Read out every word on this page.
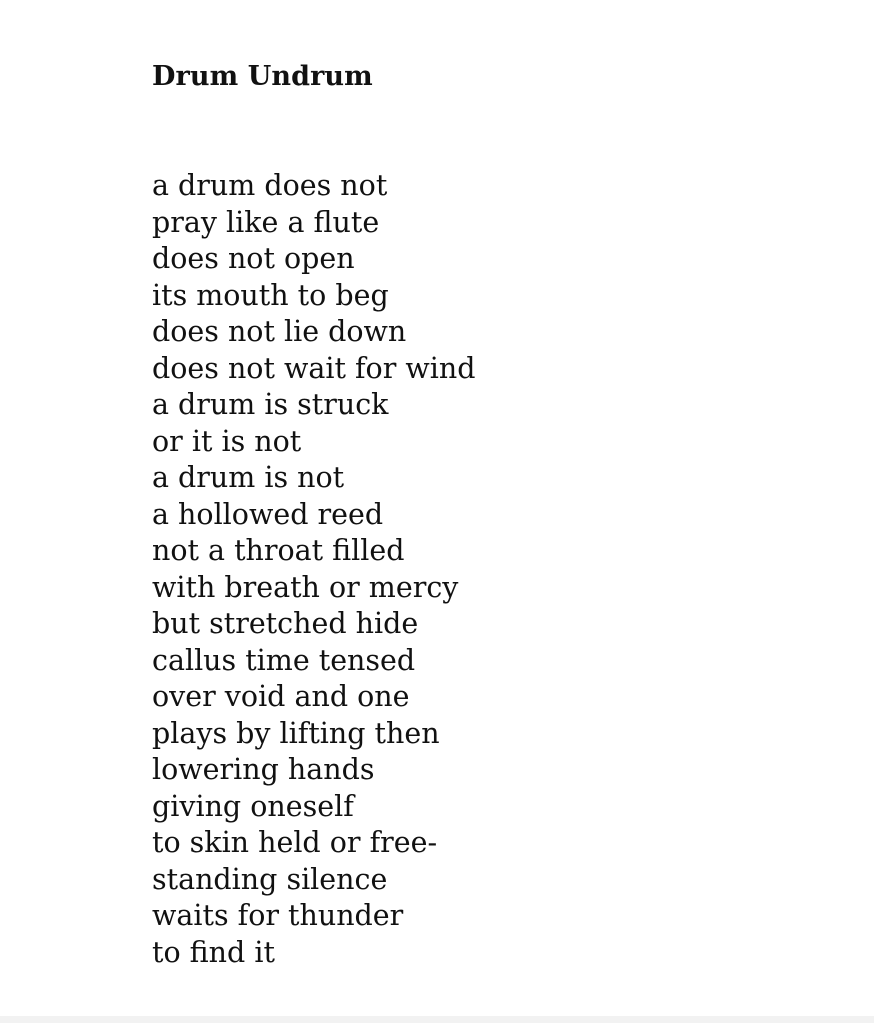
Drum Undrum
a drum does not
pray like a flute
does not open
its mouth to beg
does not lie down
does not wait for wind
a drum is struck
or it is not
a drum is not
a hollowed reed
not a throat filled
with breath or mercy
but stretched hide
callus time tensed
over void and one
plays by lifting then
lowering hands
giving oneself
to skin held or free-
standing silence
waits for thunder
to find it
